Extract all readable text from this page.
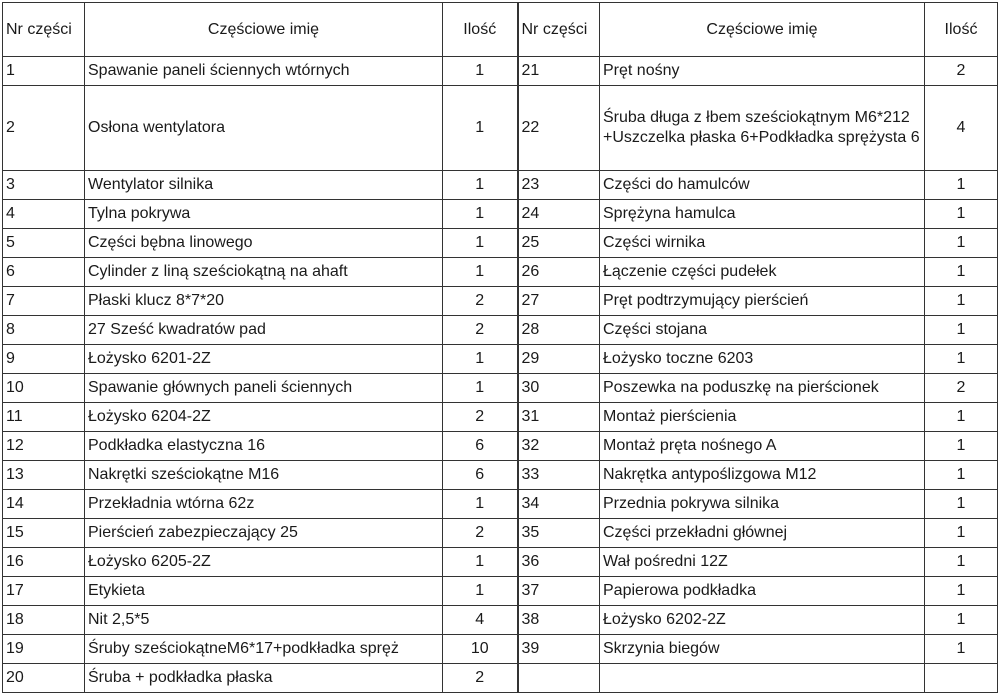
Nr części	Częściowe imię	Ilość	Nr części	Częściowe imię	Ilość
1	Spawanie paneli ściennych wtórnych	1	21	Pręt nośny	2
2	Osłona wentylatora	1	22	Śruba długa z łbem sześciokątnym M6*212 +Uszczelka płaska 6+Podkładka sprężysta 6	4
3	Wentylator silnika	1	23	Części do hamulców	1
4	Tylna pokrywa	1	24	Sprężyna hamulca	1
5	Części bębna linowego	1	25	Części wirnika	1
6	Cylinder z liną sześciokątną na ahaft	1	26	Łączenie części pudełek	1
7	Płaski klucz 8*7*20	2	27	Pręt podtrzymujący pierścień	1
8	27 Sześć kwadratów pad	2	28	Części stojana	1
9	Łożysko 6201-2Z	1	29	Łożysko toczne 6203	1
10	Spawanie głównych paneli ściennych	1	30	Poszewka na poduszkę na pierścionek	2
11	Łożysko 6204-2Z	2	31	Montaż pierścienia	1
12	Podkładka elastyczna 16	6	32	Montaż pręta nośnego A	1
13	Nakrętki sześciokątne M16	6	33	Nakrętka antypoślizgowa M12	1
14	Przekładnia wtórna 62z	1	34	Przednia pokrywa silnika	1
15	Pierścień zabezpieczający 25	2	35	Części przekładni głównej	1
16	Łożysko 6205-2Z	1	36	Wał pośredni 12Z	1
17	Etykieta	1	37	Papierowa podkładka	1
18	Nit 2,5*5	4	38	Łożysko 6202-2Z	1
19	Śruby sześciokątneM6*17+podkładka spręż	10	39	Skrzynia biegów	1
20	Śruba + podkładka płaska	2			
